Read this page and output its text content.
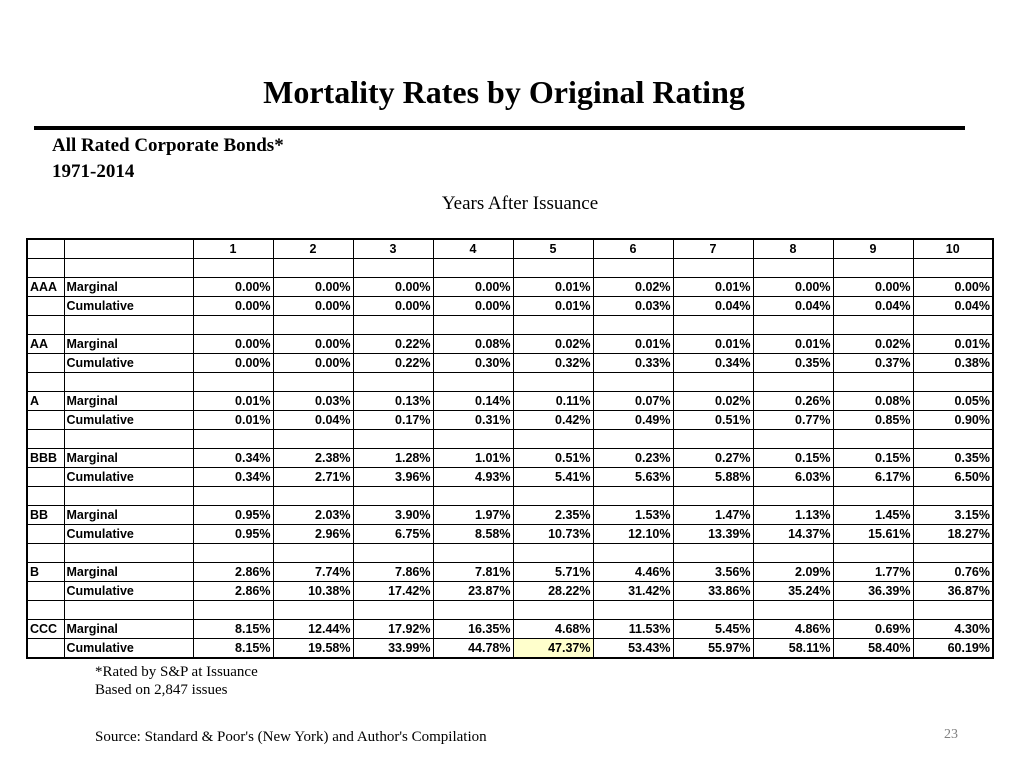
Mortality Rates by Original Rating
All Rated Corporate Bonds*
1971-2014
Years After Issuance
		1	2	3	4	5	6	7	8	9	10

AAA	Marginal	0.00%	0.00%	0.00%	0.00%	0.01%	0.02%	0.01%	0.00%	0.00%	0.00%
	Cumulative	0.00%	0.00%	0.00%	0.00%	0.01%	0.03%	0.04%	0.04%	0.04%	0.04%

AA	Marginal	0.00%	0.00%	0.22%	0.08%	0.02%	0.01%	0.01%	0.01%	0.02%	0.01%
	Cumulative	0.00%	0.00%	0.22%	0.30%	0.32%	0.33%	0.34%	0.35%	0.37%	0.38%

A	Marginal	0.01%	0.03%	0.13%	0.14%	0.11%	0.07%	0.02%	0.26%	0.08%	0.05%
	Cumulative	0.01%	0.04%	0.17%	0.31%	0.42%	0.49%	0.51%	0.77%	0.85%	0.90%

BBB	Marginal	0.34%	2.38%	1.28%	1.01%	0.51%	0.23%	0.27%	0.15%	0.15%	0.35%
	Cumulative	0.34%	2.71%	3.96%	4.93%	5.41%	5.63%	5.88%	6.03%	6.17%	6.50%

BB	Marginal	0.95%	2.03%	3.90%	1.97%	2.35%	1.53%	1.47%	1.13%	1.45%	3.15%
	Cumulative	0.95%	2.96%	6.75%	8.58%	10.73%	12.10%	13.39%	14.37%	15.61%	18.27%

B	Marginal	2.86%	7.74%	7.86%	7.81%	5.71%	4.46%	3.56%	2.09%	1.77%	0.76%
	Cumulative	2.86%	10.38%	17.42%	23.87%	28.22%	31.42%	33.86%	35.24%	36.39%	36.87%

CCC	Marginal	8.15%	12.44%	17.92%	16.35%	4.68%	11.53%	5.45%	4.86%	0.69%	4.30%
	Cumulative	8.15%	19.58%	33.99%	44.78%	47.37%	53.43%	55.97%	58.11%	58.40%	60.19%
*Rated by S&P at Issuance
Based on 2,847 issues
Source: Standard & Poor's (New York) and Author's Compilation	23
